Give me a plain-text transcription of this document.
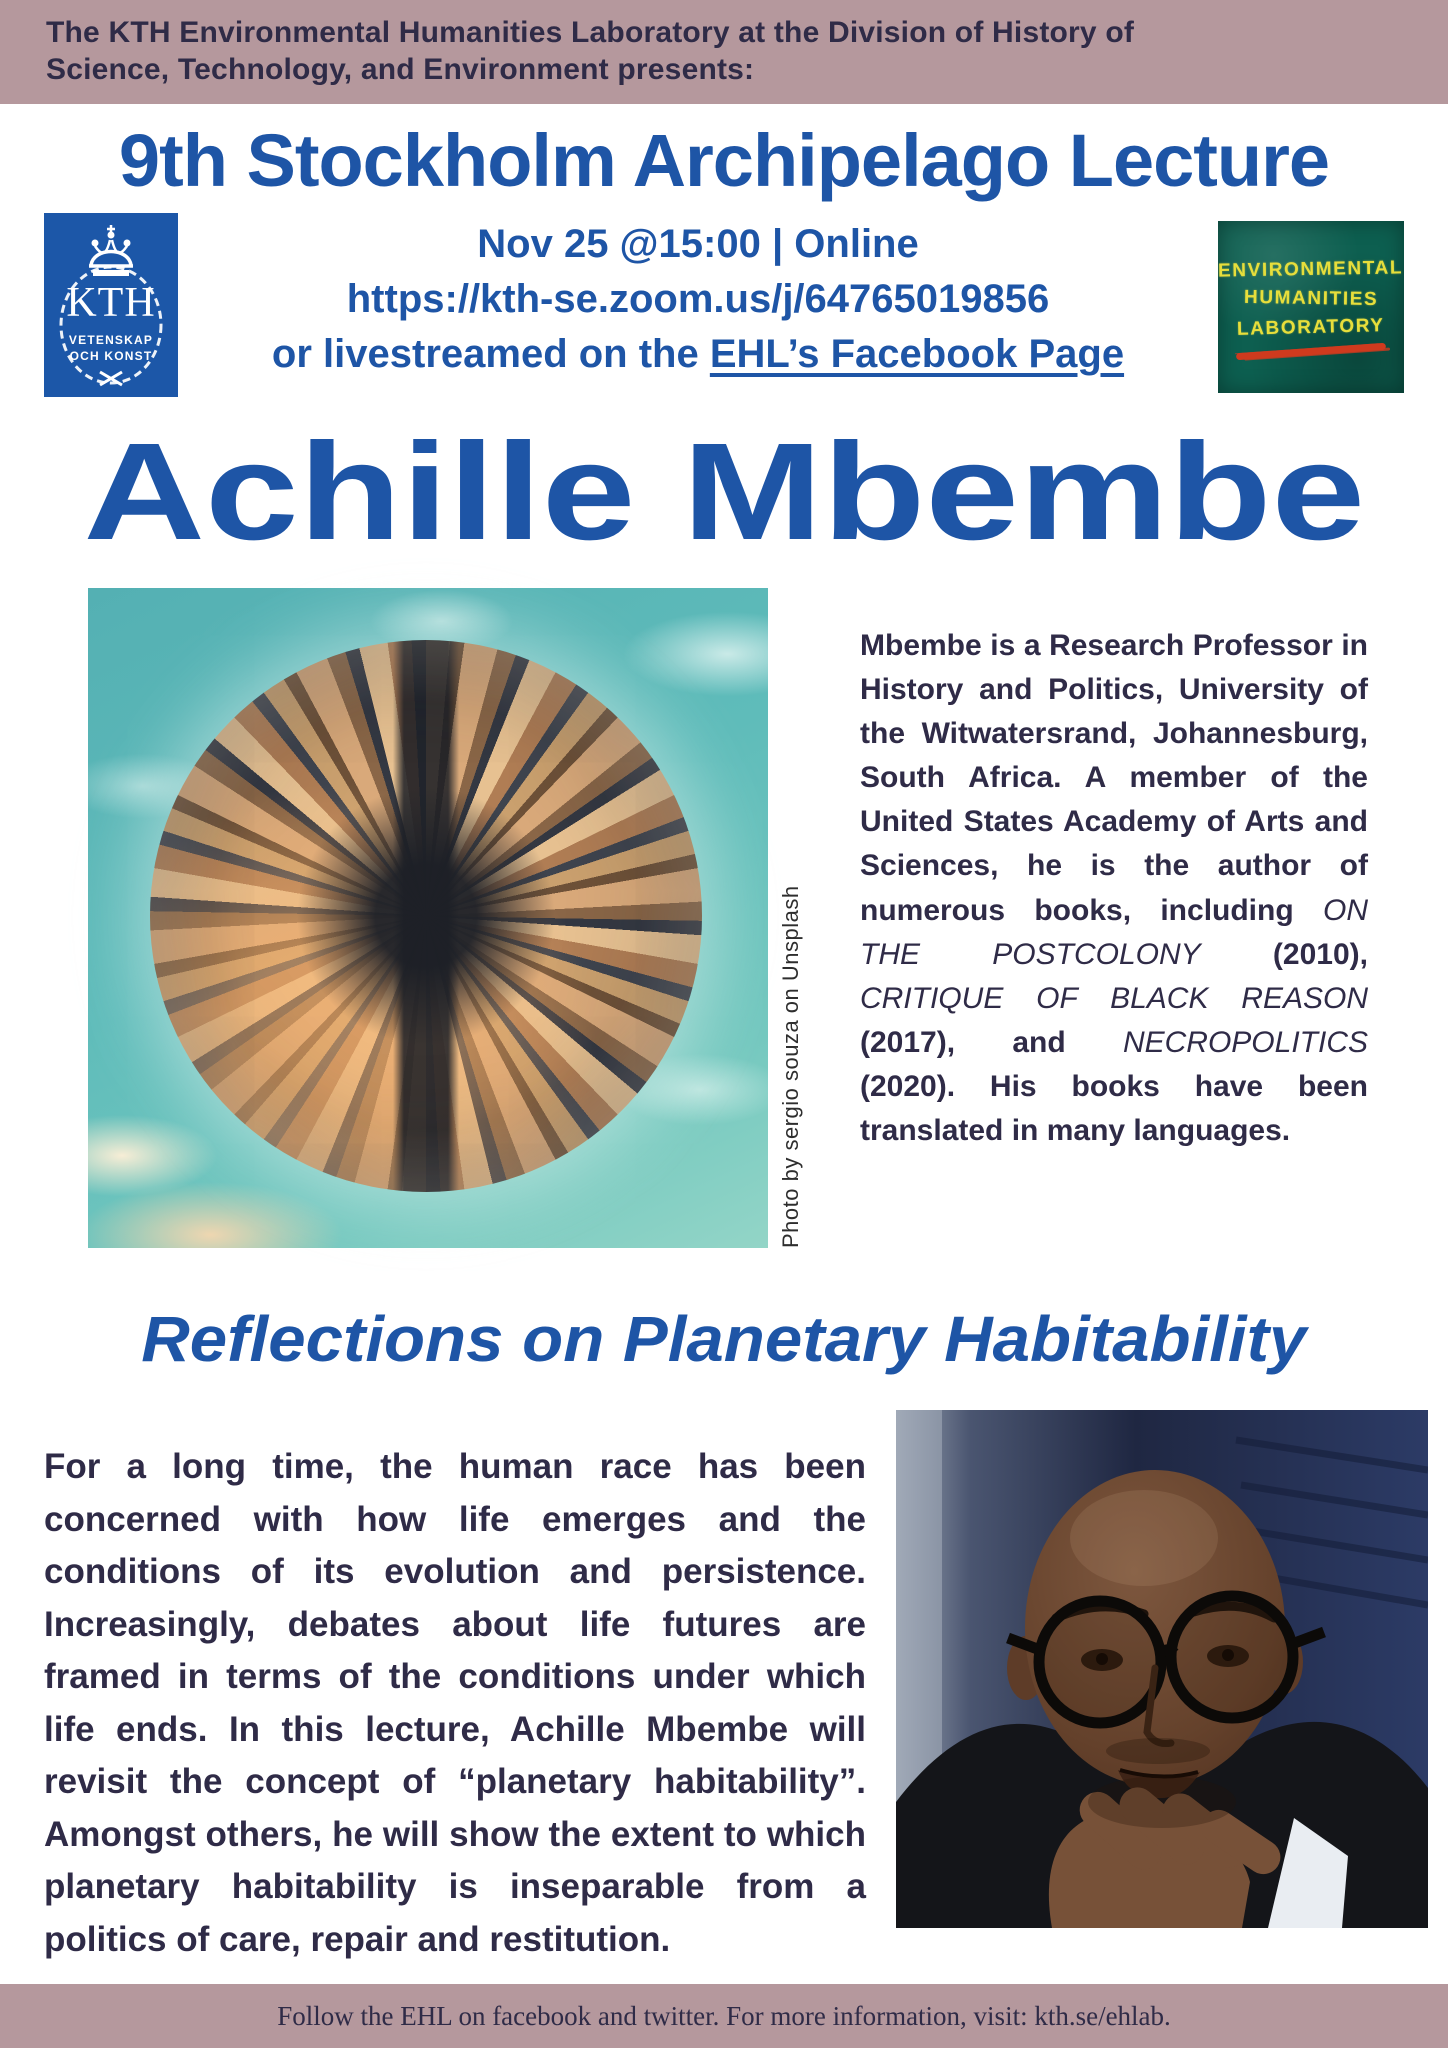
The KTH Environmental Humanities Laboratory at the Division of History of
Science, Technology, and Environment presents:
9th Stockholm Archipelago Lecture
KTH
VETENSKAP
OCH KONST
Nov 25 @15:00 | Online
https://kth-se.zoom.us/j/64765019856
or livestreamed on the EHL’s Facebook Page
ENVIRONMENTAL
HUMANITIES
LABORATORY
Achille Mbembe
Photo by sergio souza on Unsplash

Mbembe is a Research Professor in History and Politics, University of the Witwatersrand, Johannesburg, South Africa. A member of the United States Academy of Arts and Sciences, he is the author of numerous books, including ON THE POSTCOLONY (2010), CRITIQUE OF BLACK REASON (2017), and NECROPOLITICS (2020). His books have been translated in many languages.

Reflections on Planetary Habitability

For a long time, the human race has been concerned with how life emerges and the conditions of its evolution and persistence. Increasingly, debates about life futures are framed in terms of the conditions under which life ends. In this lecture, Achille Mbembe will revisit the concept of “planetary habitability”. Amongst others, he will show the extent to which planetary habitability is inseparable from a politics of care, repair and restitution.

Follow the EHL on facebook and twitter. For more information, visit: kth.se/ehlab.
